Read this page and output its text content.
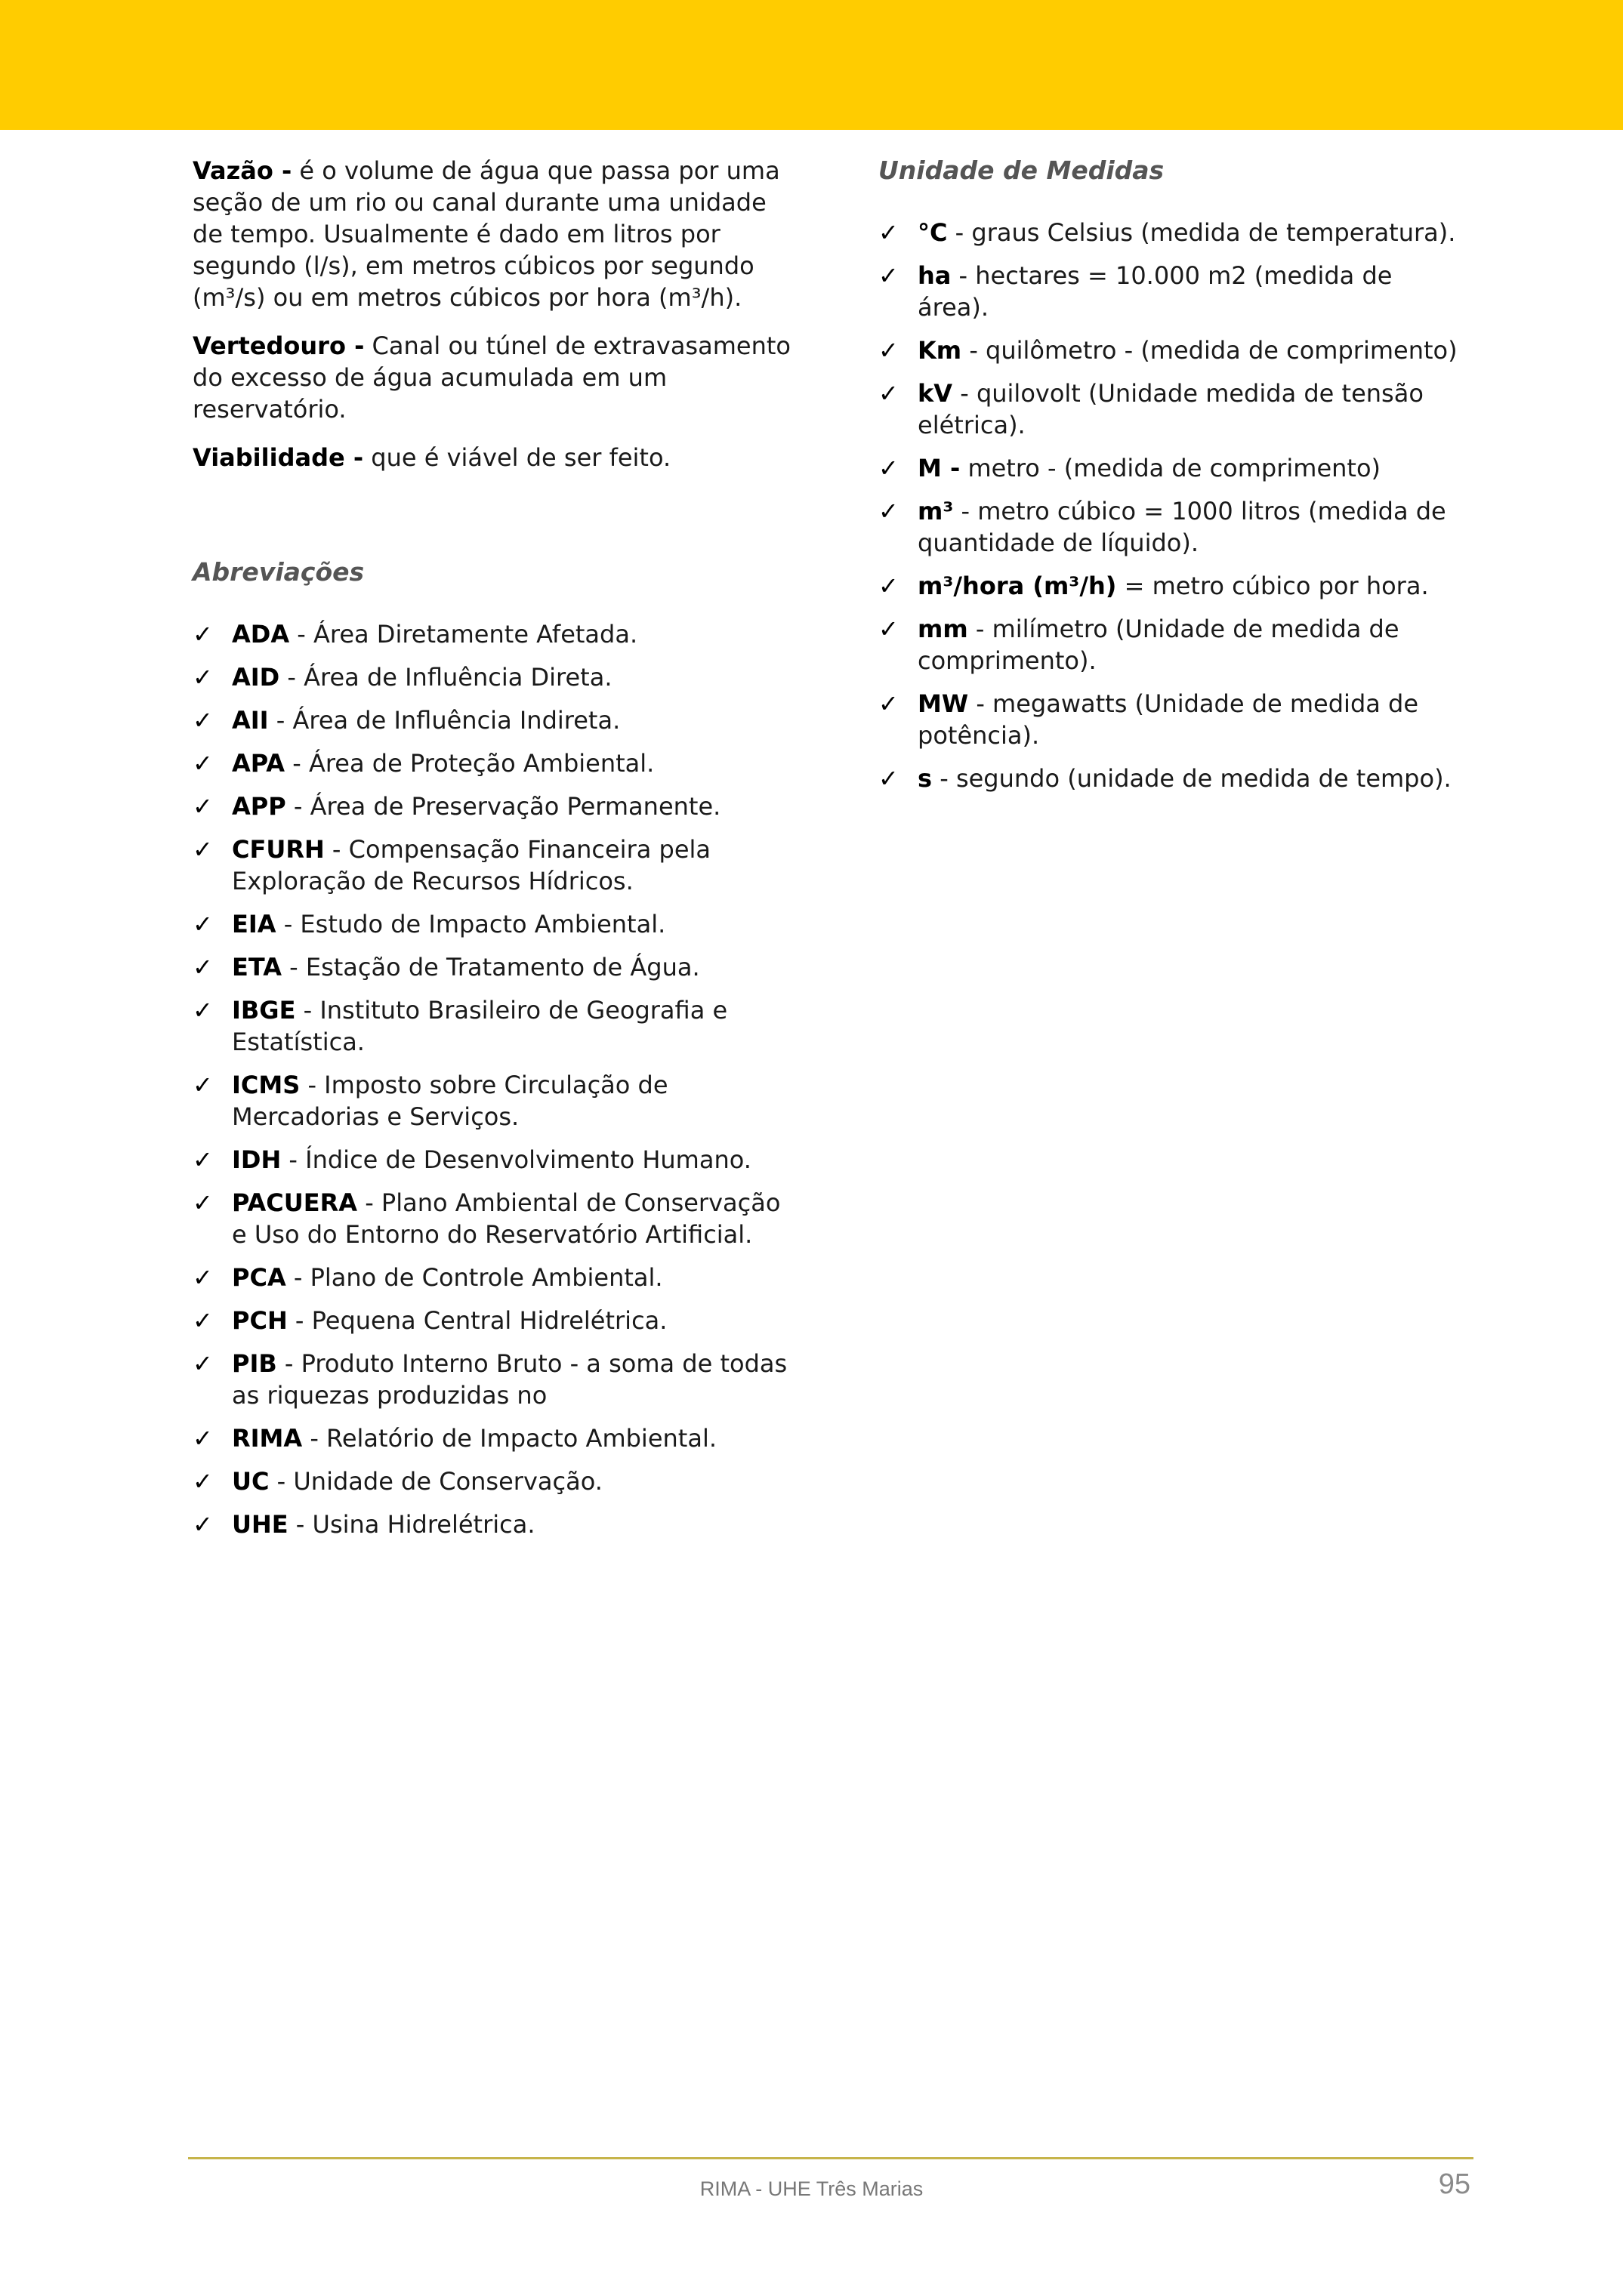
Vazão - é o volume de água que passa por uma seção de um rio ou canal durante uma unidade de tempo. Usualmente é dado em litros por segundo (l/s), em metros cúbicos por segundo (m³/s) ou em metros cúbicos por hora (m³/h).

Vertedouro - Canal ou túnel de extravasamento do excesso de água acumulada em um reservatório.

Viabilidade - que é viável de ser feito.

Abreviações

✓ ADA - Área Diretamente Afetada.
✓ AID - Área de Influência Direta.
✓ AII - Área de Influência Indireta.
✓ APA - Área de Proteção Ambiental.
✓ APP - Área de Preservação Permanente.
✓ CFURH - Compensação Financeira pela Exploração de Recursos Hídricos.
✓ EIA - Estudo de Impacto Ambiental.
✓ ETA - Estação de Tratamento de Água.
✓ IBGE - Instituto Brasileiro de Geografia e Estatística.
✓ ICMS - Imposto sobre Circulação de Mercadorias e Serviços.
✓ IDH - Índice de Desenvolvimento Humano.
✓ PACUERA - Plano Ambiental de Conservação e Uso do Entorno do Reservatório Artificial.
✓ PCA - Plano de Controle Ambiental.
✓ PCH - Pequena Central Hidrelétrica.
✓ PIB - Produto Interno Bruto - a soma de todas as riquezas produzidas no
✓ RIMA - Relatório de Impacto Ambiental.
✓ UC - Unidade de Conservação.
✓ UHE - Usina Hidrelétrica.

Unidade de Medidas

✓ °C - graus Celsius (medida de temperatura).
✓ ha - hectares = 10.000 m2 (medida de área).
✓ Km - quilômetro - (medida de comprimento)
✓ kV - quilovolt (Unidade medida de tensão elétrica).
✓ M - metro - (medida de comprimento)
✓ m³ - metro cúbico = 1000 litros (medida de quantidade de líquido).
✓ m³/hora (m³/h) = metro cúbico por hora.
✓ mm - milímetro (Unidade de medida de comprimento).
✓ MW - megawatts (Unidade de medida de potência).
✓ s - segundo (unidade de medida de tempo).
RIMA - UHE Três Marias	95
